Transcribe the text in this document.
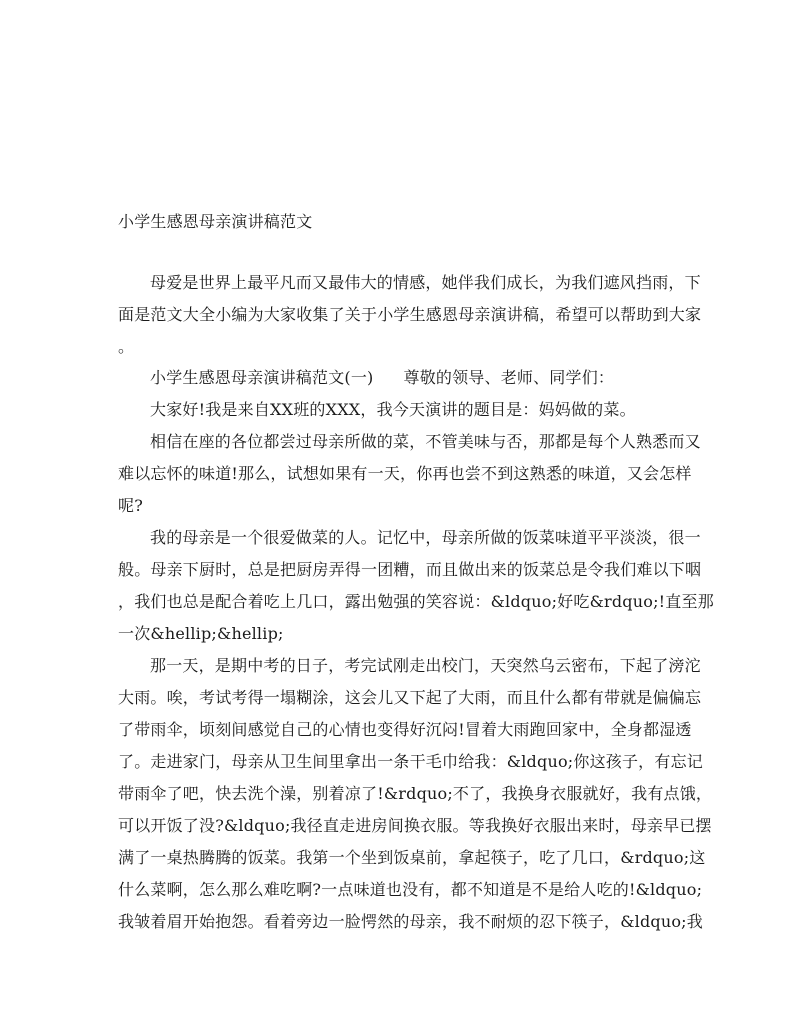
小学生感恩母亲演讲稿范文
母爱是世界上最平凡而又最伟大的情感，她伴我们成长，为我们遮风挡雨，下
面是范文大全小编为大家收集了关于小学生感恩母亲演讲稿，希望可以帮助到大家
。
小学生感恩母亲演讲稿范文(一) 尊敬的领导、老师、同学们：
大家好!我是来自XX班的XXX，我今天演讲的题目是：妈妈做的菜。
相信在座的各位都尝过母亲所做的菜，不管美味与否，那都是每个人熟悉而又
难以忘怀的味道!那么，试想如果有一天，你再也尝不到这熟悉的味道，又会怎样
呢?
我的母亲是一个很爱做菜的人。记忆中，母亲所做的饭菜味道平平淡淡，很一
般。母亲下厨时，总是把厨房弄得一团糟，而且做出来的饭菜总是令我们难以下咽
，我们也总是配合着吃上几口，露出勉强的笑容说：&ldquo;好吃&rdquo;!直至那
一次&hellip;&hellip;
那一天，是期中考的日子，考完试刚走出校门，天突然乌云密布，下起了滂沱
大雨。唉，考试考得一塌糊涂，这会儿又下起了大雨，而且什么都有带就是偏偏忘
了带雨伞，顷刻间感觉自己的心情也变得好沉闷!冒着大雨跑回家中，全身都湿透
了。走进家门，母亲从卫生间里拿出一条干毛巾给我：&ldquo;你这孩子，有忘记
带雨伞了吧，快去洗个澡，别着凉了!&rdquo;不了，我换身衣服就好，我有点饿，
可以开饭了没?&ldquo;我径直走进房间换衣服。等我换好衣服出来时，母亲早已摆
满了一桌热腾腾的饭菜。我第一个坐到饭桌前，拿起筷子，吃了几口，&rdquo;这
什么菜啊，怎么那么难吃啊?一点味道也没有，都不知道是不是给人吃的!&ldquo;
我皱着眉开始抱怨。看着旁边一脸愕然的母亲，我不耐烦的忍下筷子，&ldquo;我
